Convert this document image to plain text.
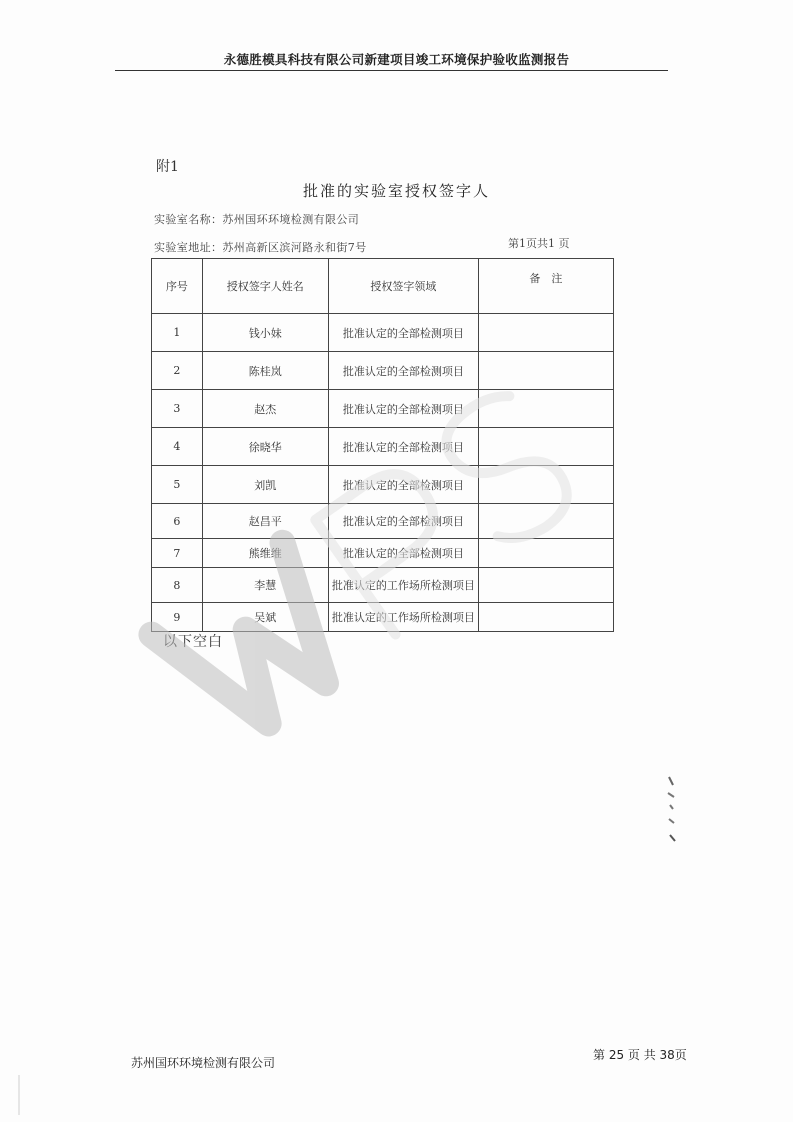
永德胜模具科技有限公司新建项目竣工环境保护验收监测报告
附1
批准的实验室授权签字人
实验室名称：苏州国环环境检测有限公司
实验室地址：苏州高新区滨河路永和街7号	第1页共1 页
序号	授权签字人姓名	授权签字领域	备　注
1	钱小妹	批准认定的全部检测项目	
2	陈桂岚	批准认定的全部检测项目	
3	赵杰	批准认定的全部检测项目	
4	徐晓华	批准认定的全部检测项目	
5	刘凯	批准认定的全部检测项目	
6	赵昌平	批准认定的全部检测项目	
7	熊维维	批准认定的全部检测项目	
8	李慧	批准认定的工作场所检测项目	
9	吴斌	批准认定的工作场所检测项目	
以下空白
苏州国环环境检测有限公司
第 25 页 共 38页
